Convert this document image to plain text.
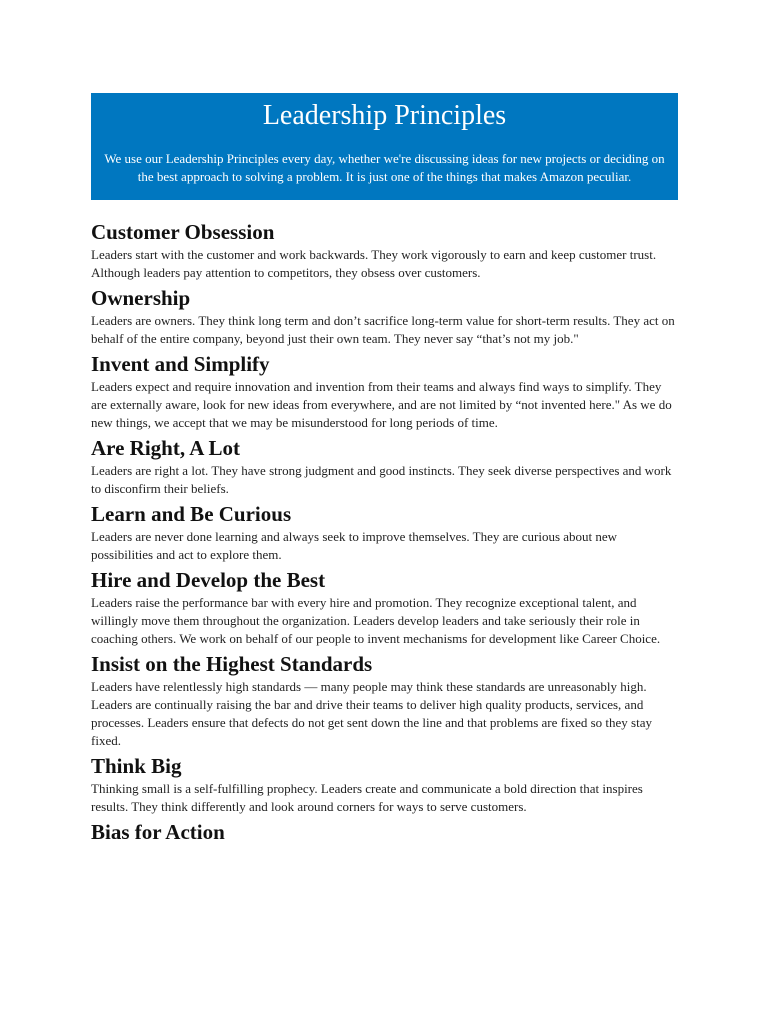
Leadership Principles

We use our Leadership Principles every day, whether we're discussing ideas for new projects or deciding on the best approach to solving a problem. It is just one of the things that makes Amazon peculiar.

Customer Obsession

Leaders start with the customer and work backwards. They work vigorously to earn and keep customer trust. Although leaders pay attention to competitors, they obsess over customers.

Ownership

Leaders are owners. They think long term and don’t sacrifice long-term value for short-term results. They act on behalf of the entire company, beyond just their own team. They never say “that’s not my job."

Invent and Simplify

Leaders expect and require innovation and invention from their teams and always find ways to simplify. They are externally aware, look for new ideas from everywhere, and are not limited by “not invented here." As we do new things, we accept that we may be misunderstood for long periods of time.

Are Right, A Lot

Leaders are right a lot. They have strong judgment and good instincts. They seek diverse perspectives and work to disconfirm their beliefs.

Learn and Be Curious

Leaders are never done learning and always seek to improve themselves. They are curious about new possibilities and act to explore them.

Hire and Develop the Best

Leaders raise the performance bar with every hire and promotion. They recognize exceptional talent, and willingly move them throughout the organization. Leaders develop leaders and take seriously their role in coaching others. We work on behalf of our people to invent mechanisms for development like Career Choice.

Insist on the Highest Standards

Leaders have relentlessly high standards — many people may think these standards are unreasonably high. Leaders are continually raising the bar and drive their teams to deliver high quality products, services, and processes. Leaders ensure that defects do not get sent down the line and that problems are fixed so they stay fixed.

Think Big

Thinking small is a self-fulfilling prophecy. Leaders create and communicate a bold direction that inspires results. They think differently and look around corners for ways to serve customers.

Bias for Action
